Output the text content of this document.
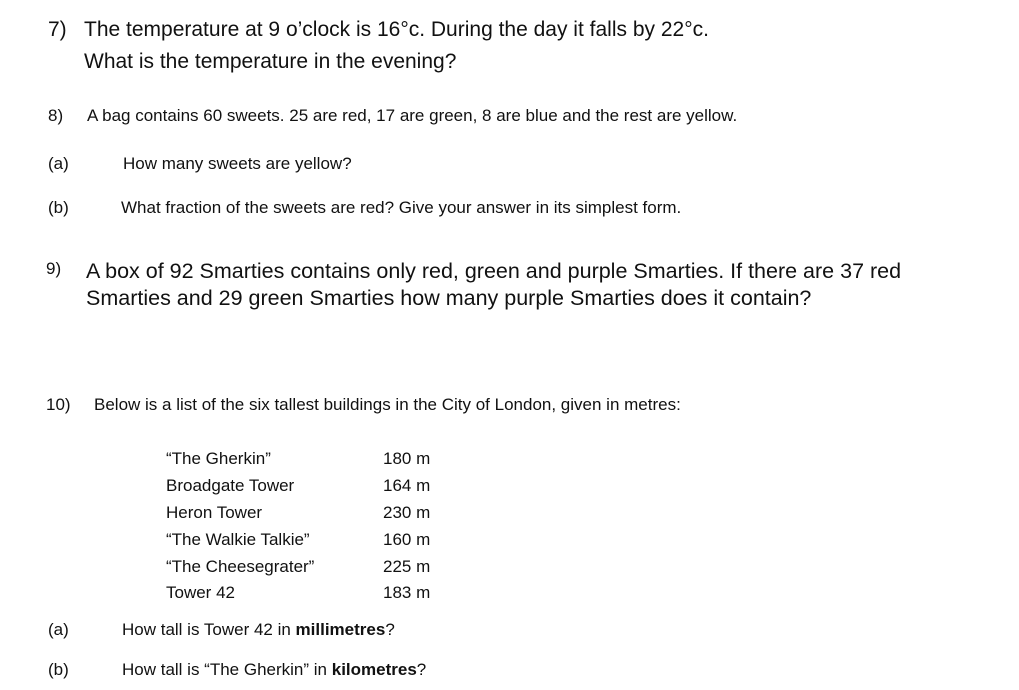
7) The temperature at 9 o’clock is 16°c. During the day it falls by 22°c.
What is the temperature in the evening?
8) A bag contains 60 sweets. 25 are red, 17 are green, 8 are blue and the rest are yellow.
(a)	How many sweets are yellow?
(b)	What fraction of the sweets are red? Give your answer in its simplest form.
9) A box of 92 Smarties contains only red, green and purple Smarties. If there are 37 red Smarties and 29 green Smarties how many purple Smarties does it contain?
10) Below is a list of the six tallest buildings in the City of London, given in metres:
“The Gherkin”	180 m
Broadgate Tower	164 m
Heron Tower	230 m
“The Walkie Talkie”	160 m
“The Cheesegrater”	225 m
Tower 42	183 m
(a)	How tall is Tower 42 in millimetres?
(b)	How tall is “The Gherkin” in kilometres?
